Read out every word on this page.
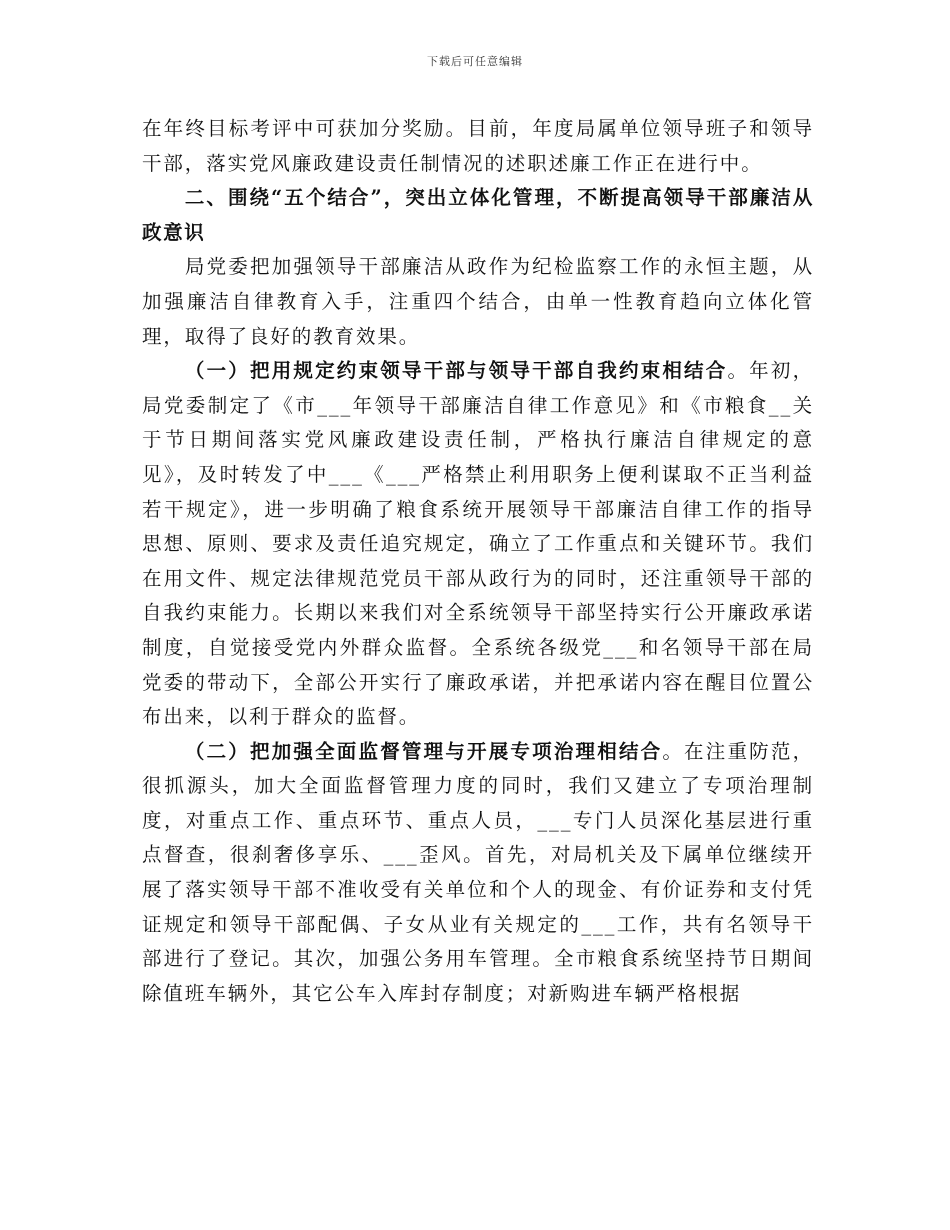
下载后可任意编辑

在年终目标考评中可获加分奖励。目前，年度局属单位领导班子和领导干部，落实党风廉政建设责任制情况的述职述廉工作正在进行中。

二、围绕“五个结合”，突出立体化管理，不断提高领导干部廉洁从政意识

局党委把加强领导干部廉洁从政作为纪检监察工作的永恒主题，从加强廉洁自律教育入手，注重四个结合，由单一性教育趋向立体化管理，取得了良好的教育效果。

（一）把用规定约束领导干部与领导干部自我约束相结合。年初，局党委制定了《市___年领导干部廉洁自律工作意见》和《市粮食__关于节日期间落实党风廉政建设责任制，严格执行廉洁自律规定的意见》，及时转发了中___《___严格禁止利用职务上便利谋取不正当利益若干规定》，进一步明确了粮食系统开展领导干部廉洁自律工作的指导思想、原则、要求及责任追究规定，确立了工作重点和关键环节。我们在用文件、规定法律规范党员干部从政行为的同时，还注重领导干部的自我约束能力。长期以来我们对全系统领导干部坚持实行公开廉政承诺制度，自觉接受党内外群众监督。全系统各级党___和名领导干部在局党委的带动下，全部公开实行了廉政承诺，并把承诺内容在醒目位置公布出来，以利于群众的监督。

（二）把加强全面监督管理与开展专项治理相结合。在注重防范，很抓源头，加大全面监督管理力度的同时，我们又建立了专项治理制度，对重点工作、重点环节、重点人员，___专门人员深化基层进行重点督查，很刹奢侈享乐、___歪风。首先，对局机关及下属单位继续开展了落实领导干部不准收受有关单位和个人的现金、有价证券和支付凭证规定和领导干部配偶、子女从业有关规定的___工作，共有名领导干部进行了登记。其次，加强公务用车管理。全市粮食系统坚持节日期间除值班车辆外，其它公车入库封存制度；对新购进车辆严格根据
